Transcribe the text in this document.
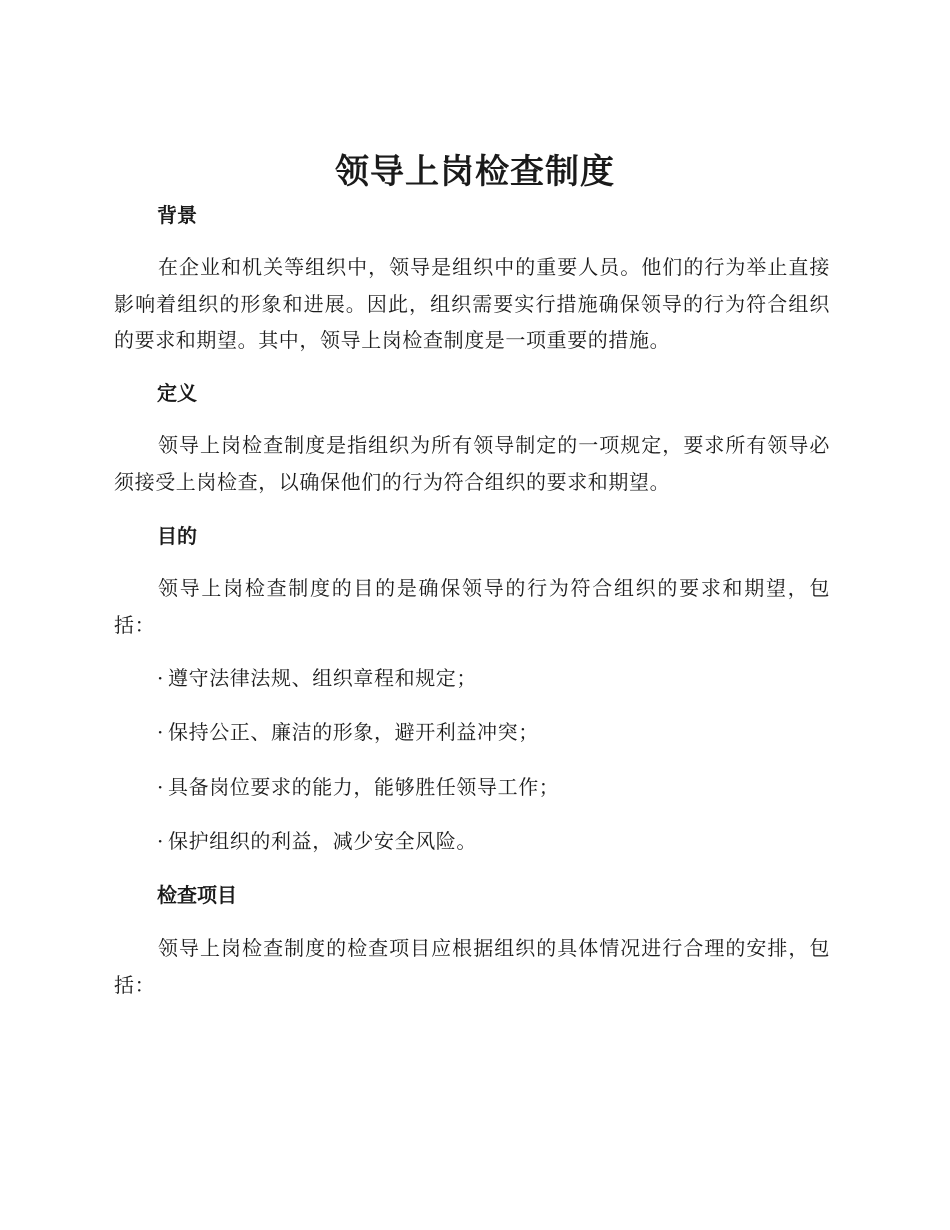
领导上岗检查制度
背景
在企业和机关等组织中，领导是组织中的重要人员。他们的行为举止直接影响着组织的形象和进展。因此，组织需要实行措施确保领导的行为符合组织的要求和期望。其中，领导上岗检查制度是一项重要的措施。
定义
领导上岗检查制度是指组织为所有领导制定的一项规定，要求所有领导必须接受上岗检查，以确保他们的行为符合组织的要求和期望。
目的
领导上岗检查制度的目的是确保领导的行为符合组织的要求和期望，包括：
· 遵守法律法规、组织章程和规定；
· 保持公正、廉洁的形象，避开利益冲突；
· 具备岗位要求的能力，能够胜任领导工作；
· 保护组织的利益，减少安全风险。
检查项目
领导上岗检查制度的检查项目应根据组织的具体情况进行合理的安排，包括：
